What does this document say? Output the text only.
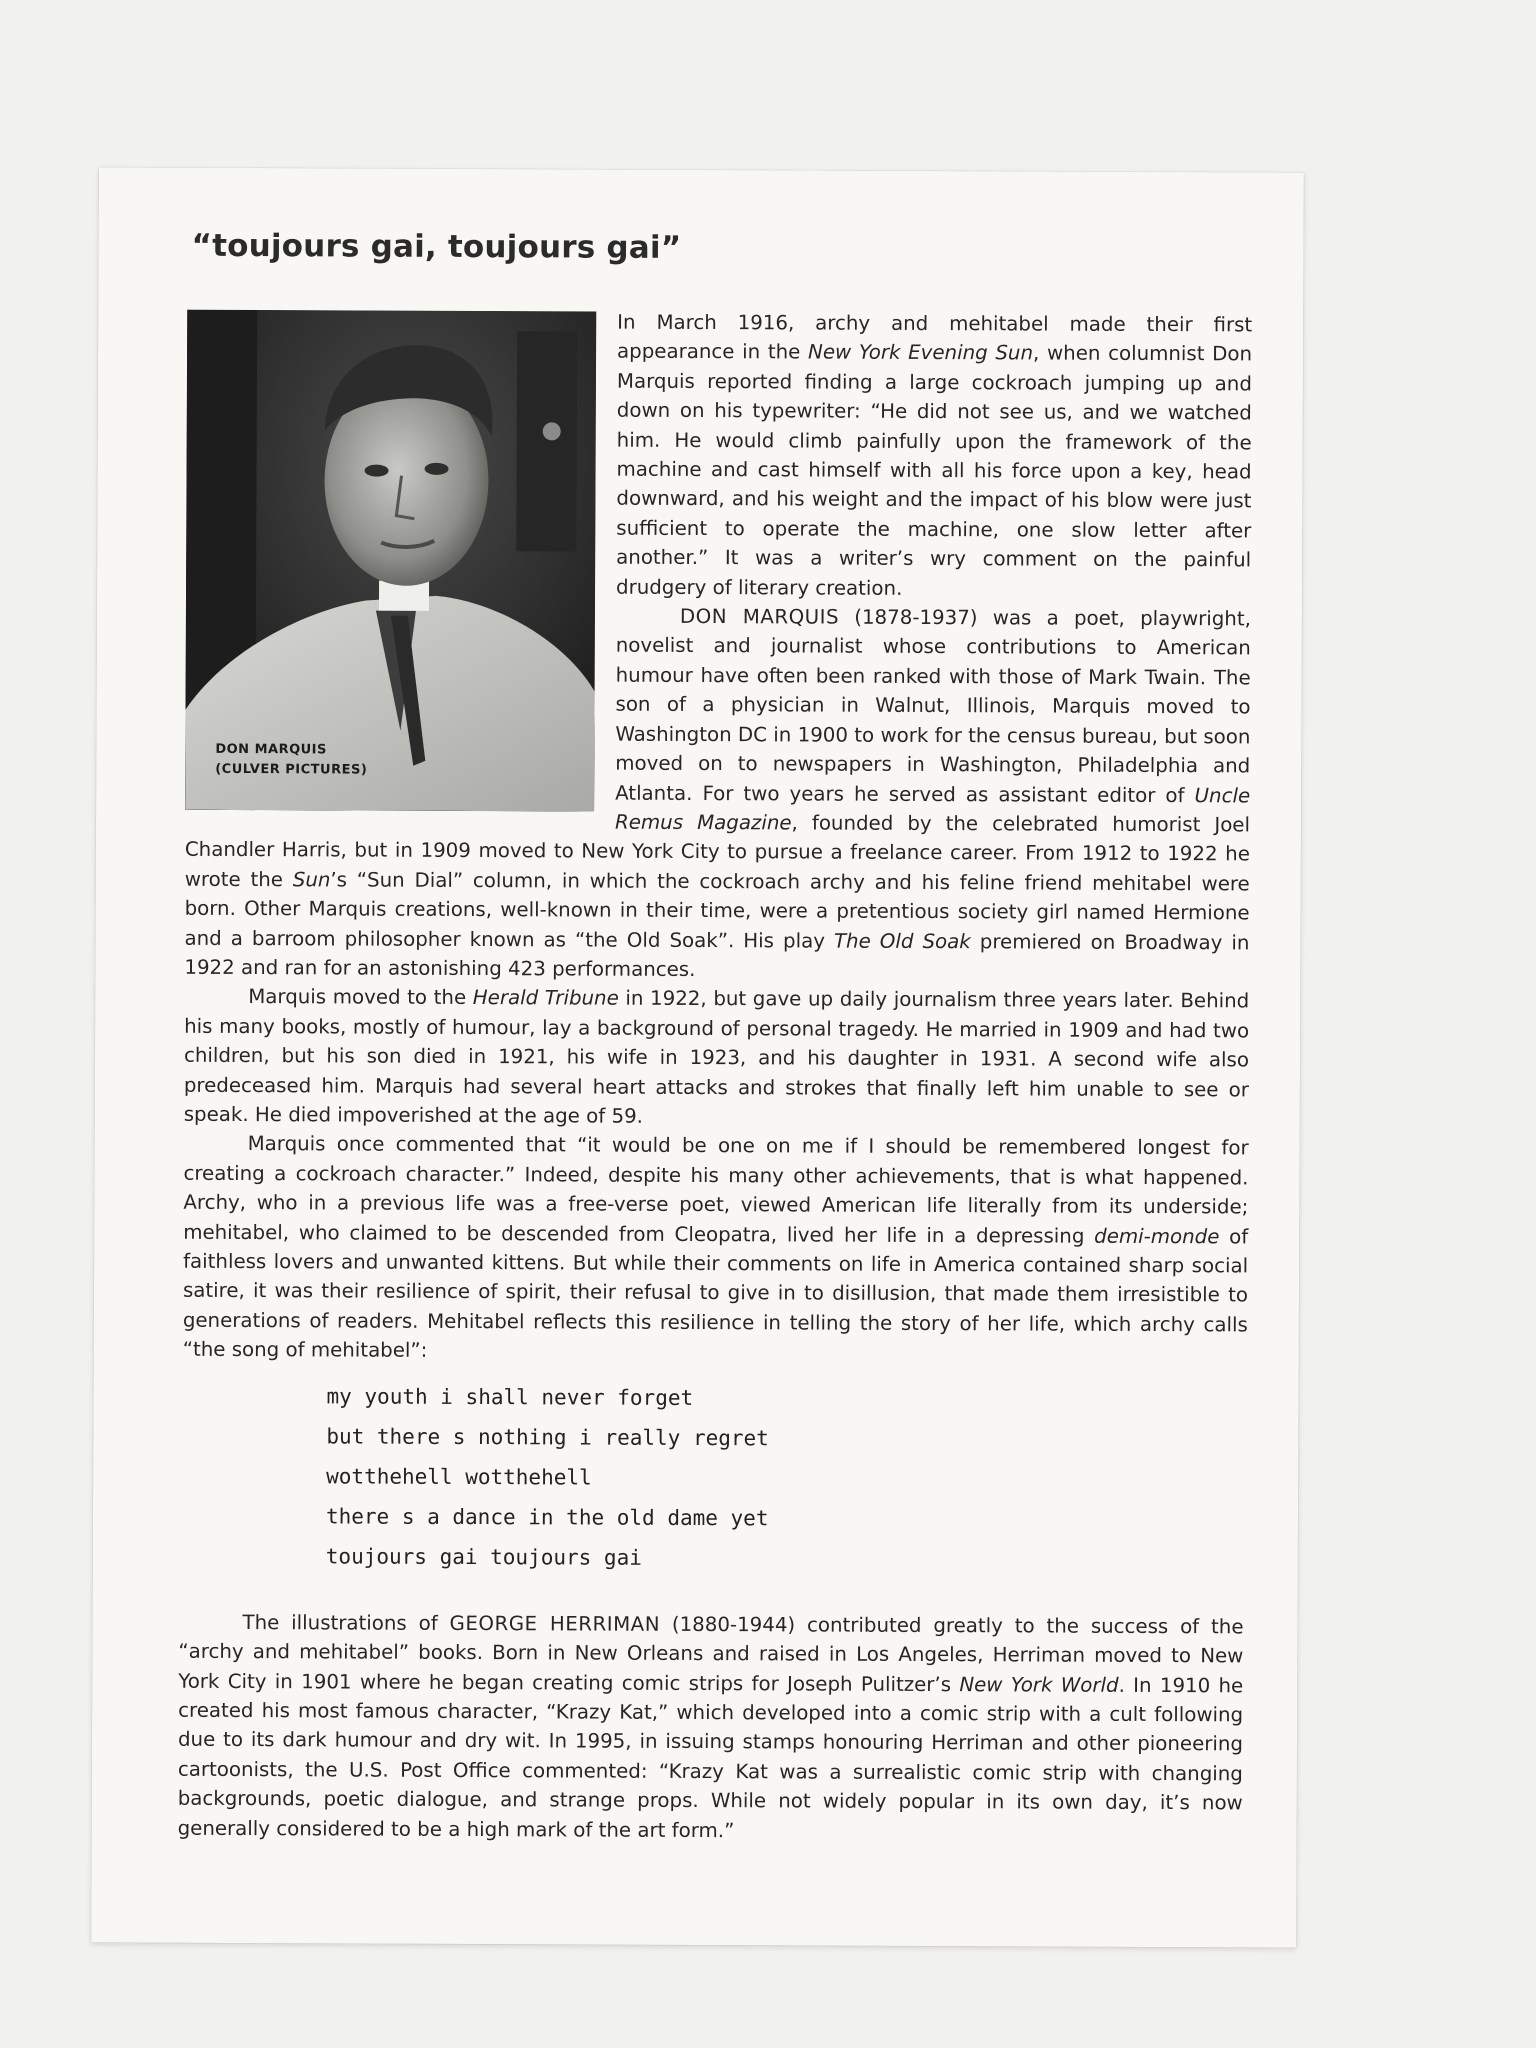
“toujours gai, toujours gai”
DON MARQUIS
(CULVER PICTURES)

In March 1916, archy and mehitabel made their first appearance in the New York Evening Sun, when columnist Don Marquis reported finding a large cockroach jumping up and down on his typewriter: “He did not see us, and we watched him. He would climb painfully upon the framework of the machine and cast himself with all his force upon a key, head downward, and his weight and the impact of his blow were just sufficient to operate the machine, one slow letter after another.” It was a writer’s wry comment on the painful drudgery of literary creation.

DON MARQUIS (1878-1937) was a poet, playwright, novelist and journalist whose contributions to American humour have often been ranked with those of Mark Twain. The son of a physician in Walnut, Illinois, Marquis moved to Washington DC in 1900 to work for the census bureau, but soon moved on to newspapers in Washington, Philadelphia and Atlanta. For two years he served as assistant editor of Uncle Remus Magazine, founded by the celebrated humorist Joel Chandler Harris, but in 1909 moved to New York City to pursue a freelance career. From 1912 to 1922 he wrote the Sun’s “Sun Dial” column, in which the cockroach archy and his feline friend mehitabel were born. Other Marquis creations, well-known in their time, were a pretentious society girl named Hermione and a barroom philosopher known as “the Old Soak”. His play The Old Soak premiered on Broadway in 1922 and ran for an astonishing 423 performances.

Marquis moved to the Herald Tribune in 1922, but gave up daily journalism three years later. Behind his many books, mostly of humour, lay a background of personal tragedy. He married in 1909 and had two children, but his son died in 1921, his wife in 1923, and his daughter in 1931. A second wife also predeceased him. Marquis had several heart attacks and strokes that finally left him unable to see or speak. He died impoverished at the age of 59.

Marquis once commented that “it would be one on me if I should be remembered longest for creating a cockroach character.” Indeed, despite his many other achievements, that is what happened. Archy, who in a previous life was a free-verse poet, viewed American life literally from its underside; mehitabel, who claimed to be descended from Cleopatra, lived her life in a depressing demi-monde of faithless lovers and unwanted kittens. But while their comments on life in America contained sharp social satire, it was their resilience of spirit, their refusal to give in to disillusion, that made them irresistible to generations of readers. Mehitabel reflects this resilience in telling the story of her life, which archy calls “the song of mehitabel”:

my youth i shall never forget
but there s nothing i really regret
wotthehell wotthehell
there s a dance in the old dame yet
toujours gai toujours gai

The illustrations of GEORGE HERRIMAN (1880-1944) contributed greatly to the success of the “archy and mehitabel” books. Born in New Orleans and raised in Los Angeles, Herriman moved to New York City in 1901 where he began creating comic strips for Joseph Pulitzer’s New York World. In 1910 he created his most famous character, “Krazy Kat,” which developed into a comic strip with a cult following due to its dark humour and dry wit. In 1995, in issuing stamps honouring Herriman and other pioneering cartoonists, the U.S. Post Office commented: “Krazy Kat was a surrealistic comic strip with changing backgrounds, poetic dialogue, and strange props. While not widely popular in its own day, it’s now generally considered to be a high mark of the art form.”
